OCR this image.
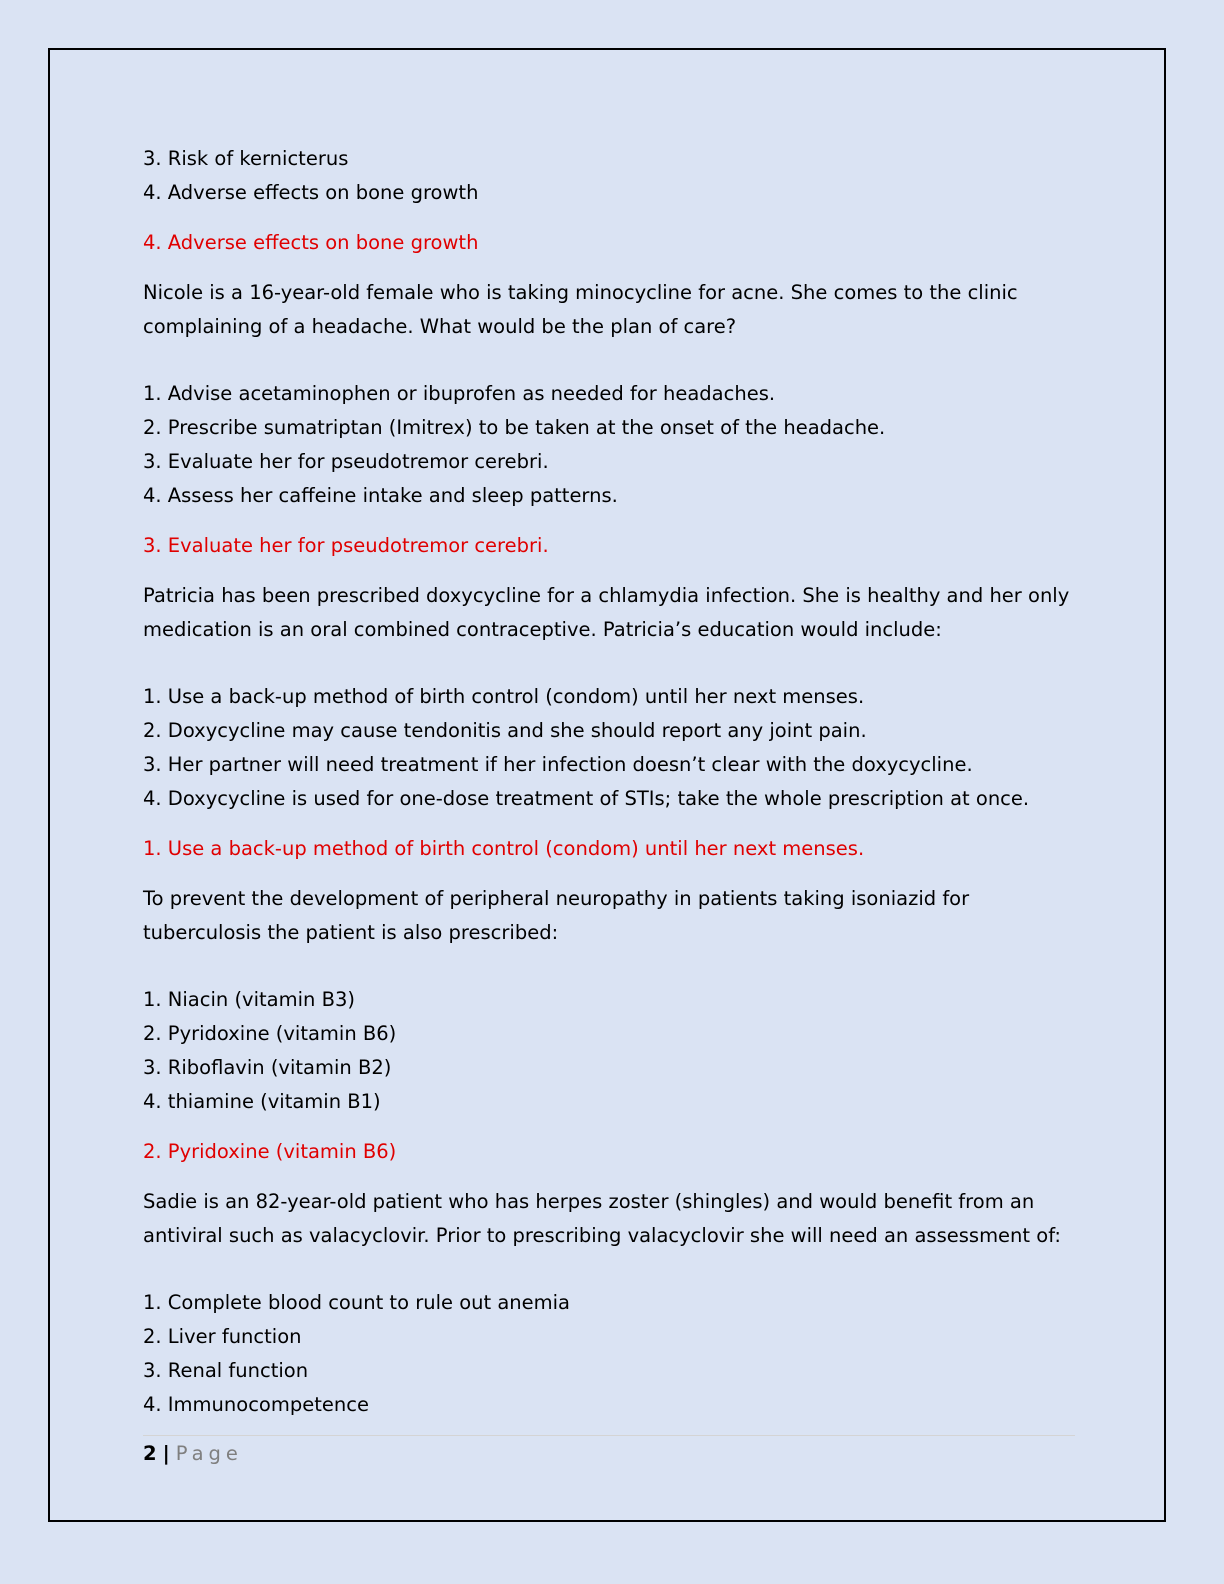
3. Risk of kernicterus

4. Adverse effects on bone growth

4. Adverse effects on bone growth

Nicole is a 16-year-old female who is taking minocycline for acne. She comes to the clinic

complaining of a headache. What would be the plan of care?

1. Advise acetaminophen or ibuprofen as needed for headaches.

2. Prescribe sumatriptan (Imitrex) to be taken at the onset of the headache.

3. Evaluate her for pseudotremor cerebri.

4. Assess her caffeine intake and sleep patterns.

3. Evaluate her for pseudotremor cerebri.

Patricia has been prescribed doxycycline for a chlamydia infection. She is healthy and her only

medication is an oral combined contraceptive. Patricia’s education would include:

1. Use a back-up method of birth control (condom) until her next menses.

2. Doxycycline may cause tendonitis and she should report any joint pain.

3. Her partner will need treatment if her infection doesn’t clear with the doxycycline.

4. Doxycycline is used for one-dose treatment of STIs; take the whole prescription at once.

1. Use a back-up method of birth control (condom) until her next menses.

To prevent the development of peripheral neuropathy in patients taking isoniazid for

tuberculosis the patient is also prescribed:

1. Niacin (vitamin B3)

2. Pyridoxine (vitamin B6)

3. Riboflavin (vitamin B2)

4. thiamine (vitamin B1)

2. Pyridoxine (vitamin B6)

Sadie is an 82-year-old patient who has herpes zoster (shingles) and would benefit from an

antiviral such as valacyclovir. Prior to prescribing valacyclovir she will need an assessment of:

1. Complete blood count to rule out anemia

2. Liver function

3. Renal function

4. Immunocompetence

2 | Page
